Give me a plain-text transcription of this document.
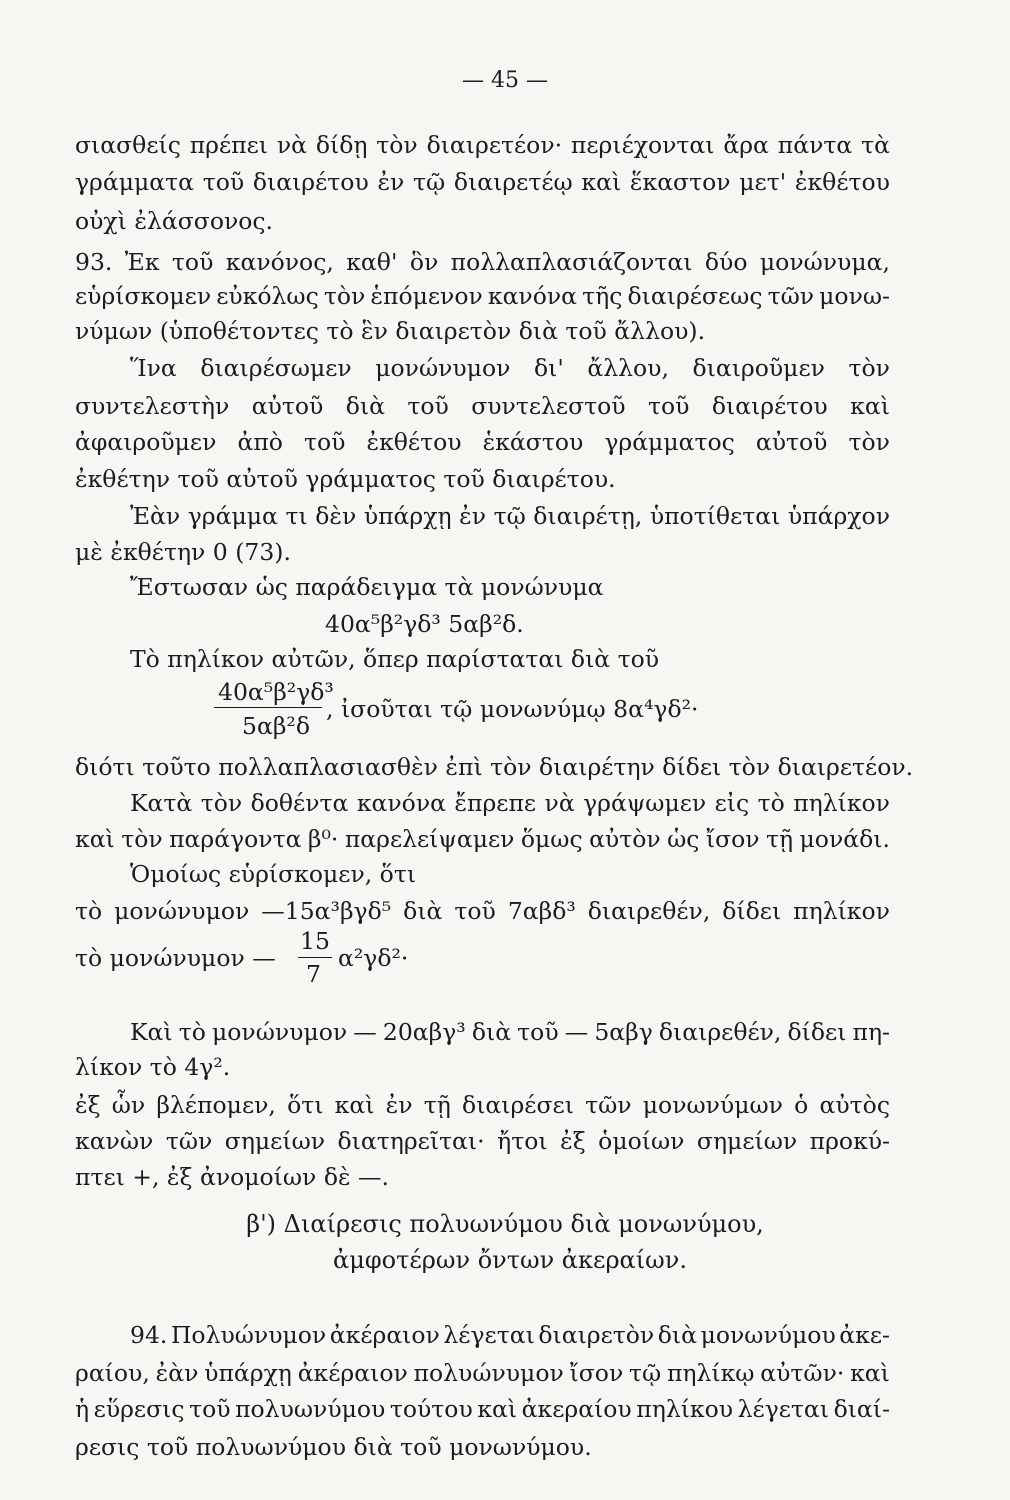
— 45 —
σιασθείς πρέπει νὰ δίδῃ τὸν διαιρετέον· περιέχονται ἄρα πάντα τὰ
γράμματα τοῦ διαιρέτου ἐν τῷ διαιρετέῳ καὶ ἕκαστον μετ' ἐκθέτου
οὐχὶ ἐλάσσονος.
93. Ἐκ τοῦ κανόνος, καθ' ὃν πολλαπλασιάζονται δύο μονώνυμα,
εὑρίσκομεν εὐκόλως τὸν ἑπόμενον κανόνα τῆς διαιρέσεως τῶν μονω-
νύμων (ὑποθέτοντες τὸ ἓν διαιρετὸν διὰ τοῦ ἄλλου).
Ἵνα διαιρέσωμεν μονώνυμον δι' ἄλλου, διαιροῦμεν τὸν
συντελεστὴν αὐτοῦ διὰ τοῦ συντελεστοῦ τοῦ διαιρέτου καὶ
ἀφαιροῦμεν ἀπὸ τοῦ ἐκθέτου ἑκάστου γράμματος αὐτοῦ τὸν
ἐκθέτην τοῦ αὐτοῦ γράμματος τοῦ διαιρέτου.
Ἐὰν γράμμα τι δὲν ὑπάρχῃ ἐν τῷ διαιρέτῃ, ὑποτίθεται ὑπάρχον
μὲ ἐκθέτην 0 (73).
Ἔστωσαν ὡς παράδειγμα τὰ μονώνυμα
40α⁵β²γδ³ 5αβ²δ.
Τὸ πηλίκον αὐτῶν, ὅπερ παρίσταται διὰ τοῦ
40α⁵β²γδ³
5αβ²δ
, ἰσοῦται τῷ μονωνύμῳ 8α⁴γδ²·
διότι τοῦτο πολλαπλασιασθὲν ἐπὶ τὸν διαιρέτην δίδει τὸν διαιρετέον.
Κατὰ τὸν δοθέντα κανόνα ἔπρεπε νὰ γράψωμεν εἰς τὸ πηλίκον
καὶ τὸν παράγοντα β⁰· παρελείψαμεν ὅμως αὐτὸν ὡς ἴσον τῇ μονάδι.
Ὁμοίως εὑρίσκομεν, ὅτι
τὸ μονώνυμον —15α³βγδ⁵ διὰ τοῦ 7αβδ³ διαιρεθέν, δίδει πηλίκον
τὸ μονώνυμον —
15
7
α²γδ²·
Καὶ τὸ μονώνυμον — 20αβγ³ διὰ τοῦ — 5αβγ διαιρεθέν, δίδει πη-
λίκον τὸ 4γ².
ἐξ ὧν βλέπομεν, ὅτι καὶ ἐν τῇ διαιρέσει τῶν μονωνύμων ὁ αὐτὸς
κανὼν τῶν σημείων διατηρεῖται· ἤτοι ἐξ ὁμοίων σημείων προκύ-
πτει +, ἐξ ἀνομοίων δὲ —.
β') Διαίρεσις πολυωνύμου διὰ μονωνύμου,
ἀμφοτέρων ὄντων ἀκεραίων.
94. Πολυώνυμον ἀκέραιον λέγεται διαιρετὸν διὰ μονωνύμου ἀκε-
ραίου, ἐὰν ὑπάρχῃ ἀκέραιον πολυώνυμον ἴσον τῷ πηλίκῳ αὐτῶν· καὶ
ἡ εὕρεσις τοῦ πολυωνύμου τούτου καὶ ἀκεραίου πηλίκου λέγεται διαί-
ρεσις τοῦ πολυωνύμου διὰ τοῦ μονωνύμου.
